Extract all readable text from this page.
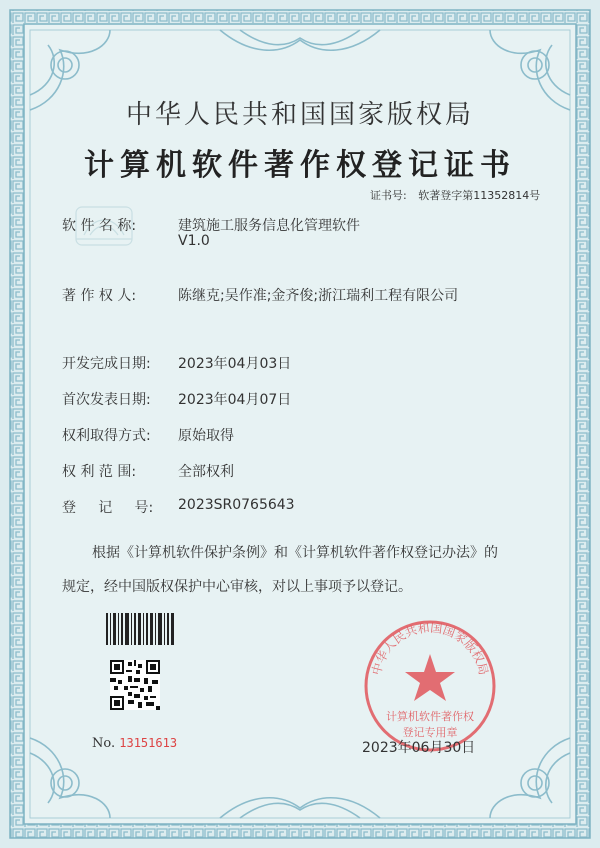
中华人民共和国国家版权局
计算机软件著作权登记证书
证书号: 软著登字第11352814号
软 件 名 称:	建筑施工服务信息化管理软件
V1.0
著 作 权 人:	陈继克;吴作准;金齐俊;浙江瑞利工程有限公司
开发完成日期: 2023年04月03日
首次发表日期: 2023年04月07日
权利取得方式: 原始取得
权 利 范 围:	全部权利
登     记     号: 2023SR0765643
根据《计算机软件保护条例》和《计算机软件著作权登记办法》的
规定，经中国版权保护中心审核，对以上事项予以登记。
中华人民共和国国家版权局
计算机软件著作权
登记专用章
No. 13151613	2023年06月30日
